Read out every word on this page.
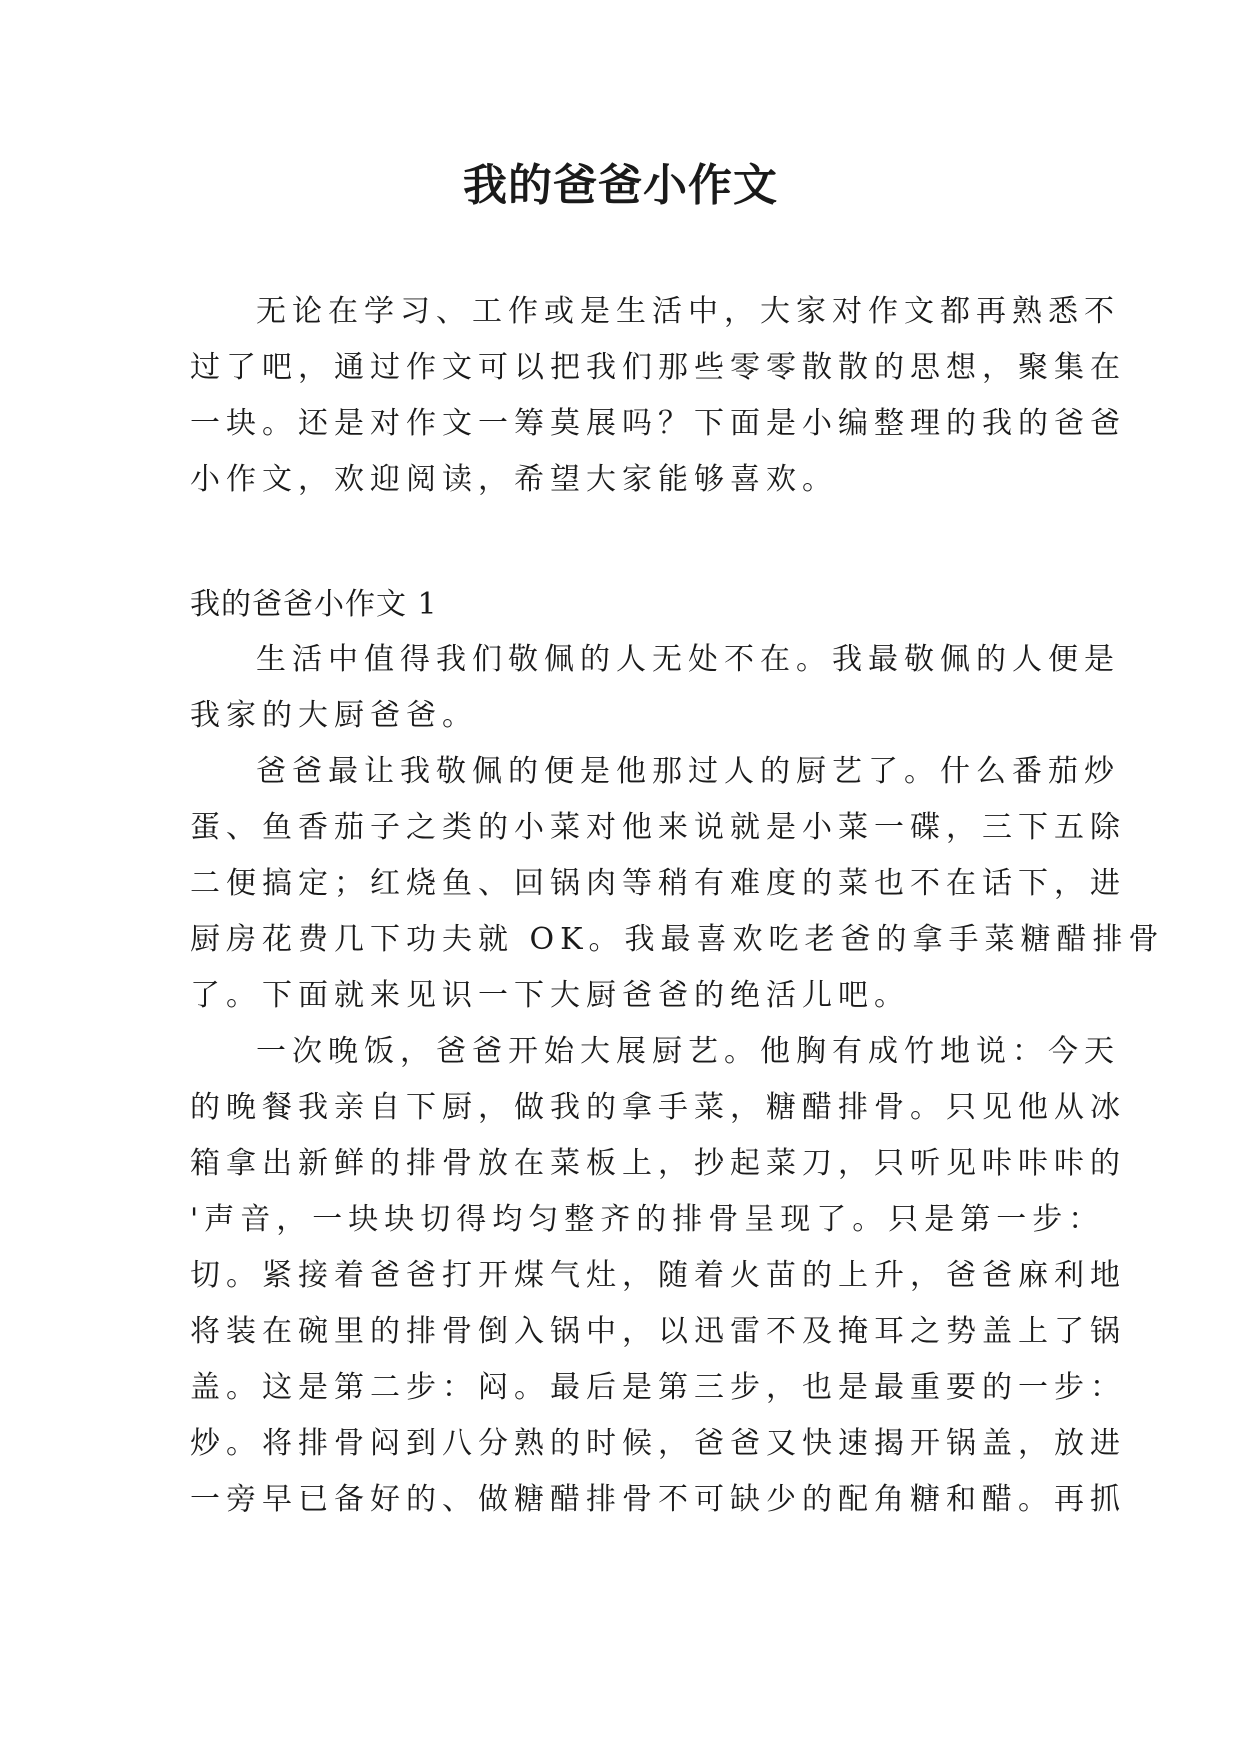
我的爸爸小作文

无论在学习、工作或是生活中，大家对作文都再熟悉不

过了吧，通过作文可以把我们那些零零散散的思想，聚集在

一块。还是对作文一筹莫展吗？下面是小编整理的我的爸爸

小作文，欢迎阅读，希望大家能够喜欢。

我的爸爸小作文 1

生活中值得我们敬佩的人无处不在。我最敬佩的人便是

我家的大厨爸爸。

爸爸最让我敬佩的便是他那过人的厨艺了。什么番茄炒

蛋、鱼香茄子之类的小菜对他来说就是小菜一碟，三下五除

二便搞定；红烧鱼、回锅肉等稍有难度的菜也不在话下，进

厨房花费几下功夫就 OK。我最喜欢吃老爸的拿手菜糖醋排骨

了。下面就来见识一下大厨爸爸的绝活儿吧。

一次晚饭，爸爸开始大展厨艺。他胸有成竹地说：今天

的晚餐我亲自下厨，做我的拿手菜，糖醋排骨。只见他从冰

箱拿出新鲜的排骨放在菜板上，抄起菜刀，只听见咔咔咔的

'声音，一块块切得均匀整齐的排骨呈现了。只是第一步：

切。紧接着爸爸打开煤气灶，随着火苗的上升，爸爸麻利地

将装在碗里的排骨倒入锅中，以迅雷不及掩耳之势盖上了锅

盖。这是第二步：闷。最后是第三步，也是最重要的一步：

炒。将排骨闷到八分熟的时候，爸爸又快速揭开锅盖，放进

一旁早已备好的、做糖醋排骨不可缺少的配角糖和醋。再抓
